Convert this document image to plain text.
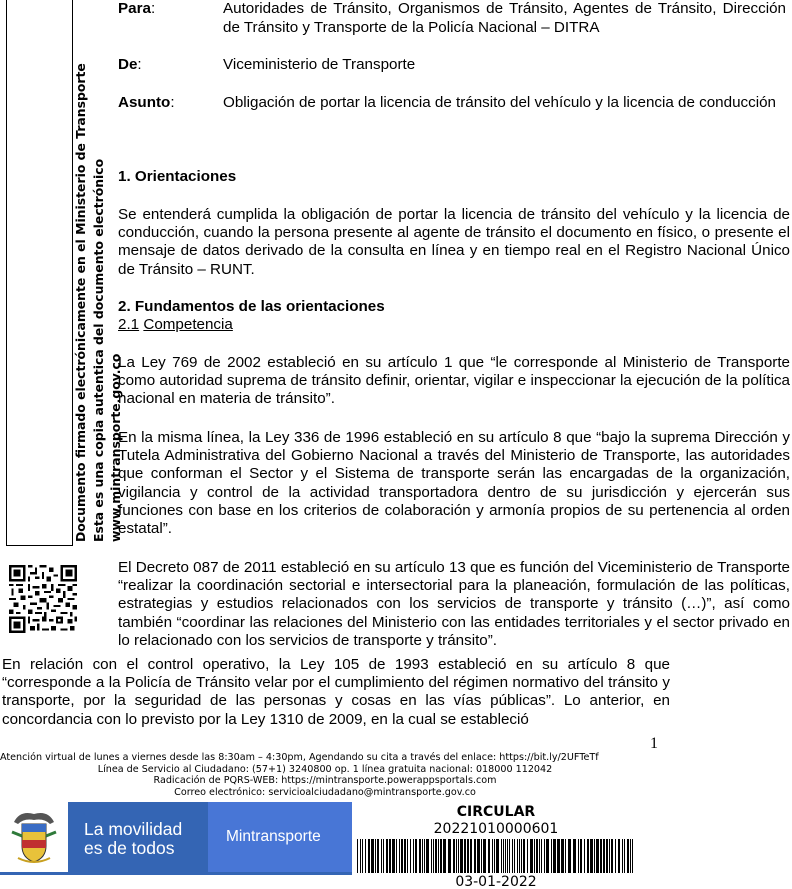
Documento firmado electrónicamente en el Ministerio de Transporte Esta es una copia autentica del documento electrónico www.mintransporte.gov.co
Para:	Autoridades de Tránsito, Organismos de Tránsito, Agentes de Tránsito, Dirección de Tránsito y Transporte de la Policía Nacional – DITRA
De:	Viceministerio de Transporte
Asunto:	Obligación de portar la licencia de tránsito del vehículo y la licencia de conducción
1. Orientaciones
Se entenderá cumplida la obligación de portar la licencia de tránsito del vehículo y la licencia de conducción, cuando la persona presente al agente de tránsito el documento en físico, o presente el mensaje de datos derivado de la consulta en línea y en tiempo real en el Registro Nacional Único de Tránsito – RUNT.
2. Fundamentos de las orientaciones
2.1 Competencia
La Ley 769 de 2002 estableció en su artículo 1 que “le corresponde al Ministerio de Transporte como autoridad suprema de tránsito definir, orientar, vigilar e inspeccionar la ejecución de la política nacional en materia de tránsito”.
En la misma línea, la Ley 336 de 1996 estableció en su artículo 8 que “bajo la suprema Dirección y Tutela Administrativa del Gobierno Nacional a través del Ministerio de Transporte, las autoridades que conforman el Sector y el Sistema de transporte serán las encargadas de la organización, vigilancia y control de la actividad transportadora dentro de su jurisdicción y ejercerán sus funciones con base en los criterios de colaboración y armonía propios de su pertenencia al orden estatal”.
El Decreto 087 de 2011 estableció en su artículo 13 que es función del Viceministerio de Transporte “realizar la coordinación sectorial e intersectorial para la planeación, formulación de las políticas, estrategias y estudios relacionados con los servicios de transporte y tránsito (…)”, así como también “coordinar las relaciones del Ministerio con las entidades territoriales y el sector privado en lo relacionado con los servicios de transporte y tránsito”.
En relación con el control operativo, la Ley 105 de 1993 estableció en su artículo 8 que “corresponde a la Policía de Tránsito velar por el cumplimiento del régimen normativo del tránsito y transporte, por la seguridad de las personas y cosas en las vías públicas”. Lo anterior, en concordancia con lo previsto por la Ley 1310 de 2009, en la cual se estableció
1
Atención virtual de lunes a viernes desde las 8:30am – 4:30pm, Agendando su cita a través del enlace: https://bit.ly/2UFTeTf
Línea de Servicio al Ciudadano: (57+1) 3240800 op. 1 línea gratuita nacional: 018000 112042
Radicación de PQRS-WEB: https://mintransporte.powerappsportals.com
Correo electrónico: servicioalciudadano@mintransporte.gov.co
La movilidad
es de todos
Mintransporte
CIRCULAR
20221010000601
03-01-2022
